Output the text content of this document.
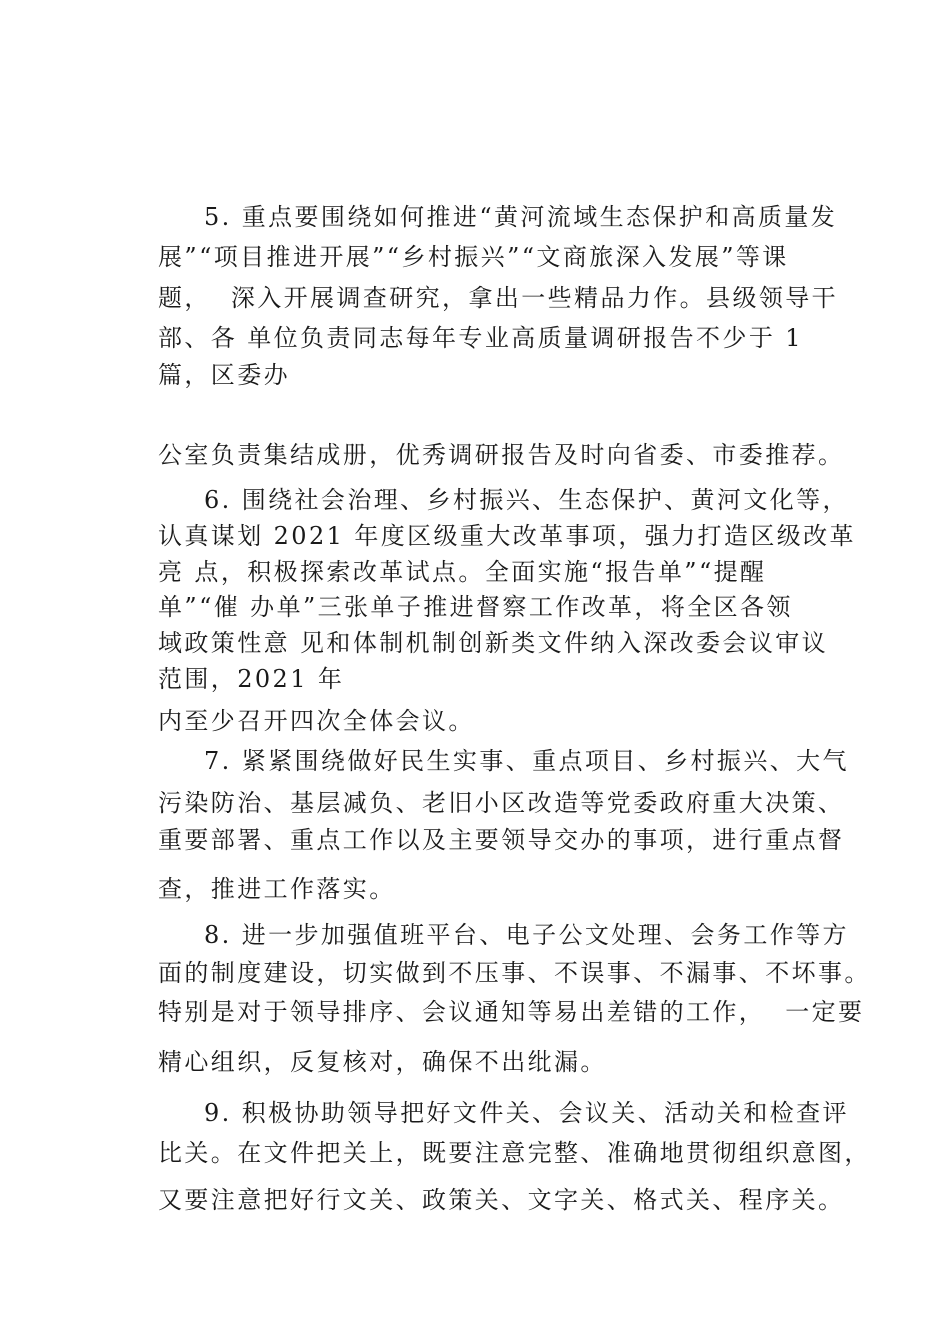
5. 重点要围绕如何推进“黄河流域生态保护和高质量发
展”“项目推进开展”“乡村振兴”“文商旅深入发展”等课
题，  深入开展调查研究，拿出一些精品力作。县级领导干
部、各 单位负责同志每年专业高质量调研报告不少于 1
篇，区委办
公室负责集结成册，优秀调研报告及时向省委、市委推荐。
6. 围绕社会治理、乡村振兴、生态保护、黄河文化等，
认真谋划 2021 年度区级重大改革事项，强力打造区级改革
亮 点，积极探索改革试点。全面实施“报告单”“提醒
单”“催 办单”三张单子推进督察工作改革，将全区各领
域政策性意 见和体制机制创新类文件纳入深改委会议审议
范围，2021 年
内至少召开四次全体会议。
7. 紧紧围绕做好民生实事、重点项目、乡村振兴、大气
污染防治、基层减负、老旧小区改造等党委政府重大决策、
重要部署、重点工作以及主要领导交办的事项，进行重点督
查，推进工作落实。
8. 进一步加强值班平台、电子公文处理、会务工作等方
面的制度建设，切实做到不压事、不误事、不漏事、不坏事。
特别是对于领导排序、会议通知等易出差错的工作，  一定要
精心组织，反复核对，确保不出纰漏。
9. 积极协助领导把好文件关、会议关、活动关和检查评
比关。在文件把关上，既要注意完整、准确地贯彻组织意图，
又要注意把好行文关、政策关、文字关、格式关、程序关。
